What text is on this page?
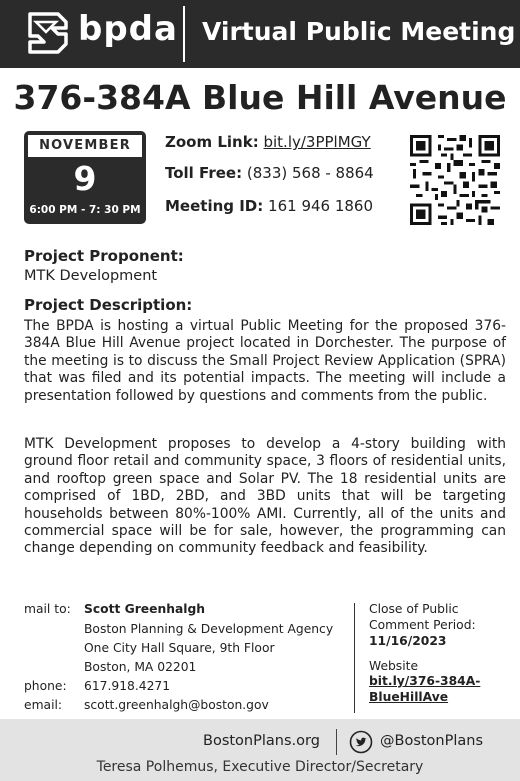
bpda Virtual Public Meeting
376-384A Blue Hill Avenue
NOVEMBER
9
6:00 PM - 7: 30 PM
Zoom Link: bit.ly/3PPlMGY
Toll Free: (833) 568 - 8864
Meeting ID: 161 946 1860
Project Proponent:
MTK Development
Project Description:
The BPDA is hosting a virtual Public Meeting for the proposed 376-384A Blue Hill Avenue project located in Dorchester. The purpose of the meeting is to discuss the Small Project Review Application (SPRA) that was filed and its potential impacts. The meeting will include a presentation followed by questions and comments from the public.
MTK Development proposes to develop a 4-story building with ground floor retail and community space, 3 floors of residential units, and rooftop green space and Solar PV. The 18 residential units are comprised of 1BD, 2BD, and 3BD units that will be targeting households between 80%-100% AMI. Currently, all of the units and commercial space will be for sale, however, the programming can change depending on community feedback and feasibility.
mail to: Scott Greenhalgh
Boston Planning & Development Agency
One City Hall Square, 9th Floor
Boston, MA 02201
phone: 617.918.4271
email: scott.greenhalgh@boston.gov
Close of Public
Comment Period:
11/16/2023
Website
bit.ly/376-384A-
BlueHillAve
BostonPlans.org	@BostonPlans
Teresa Polhemus, Executive Director/Secretary
